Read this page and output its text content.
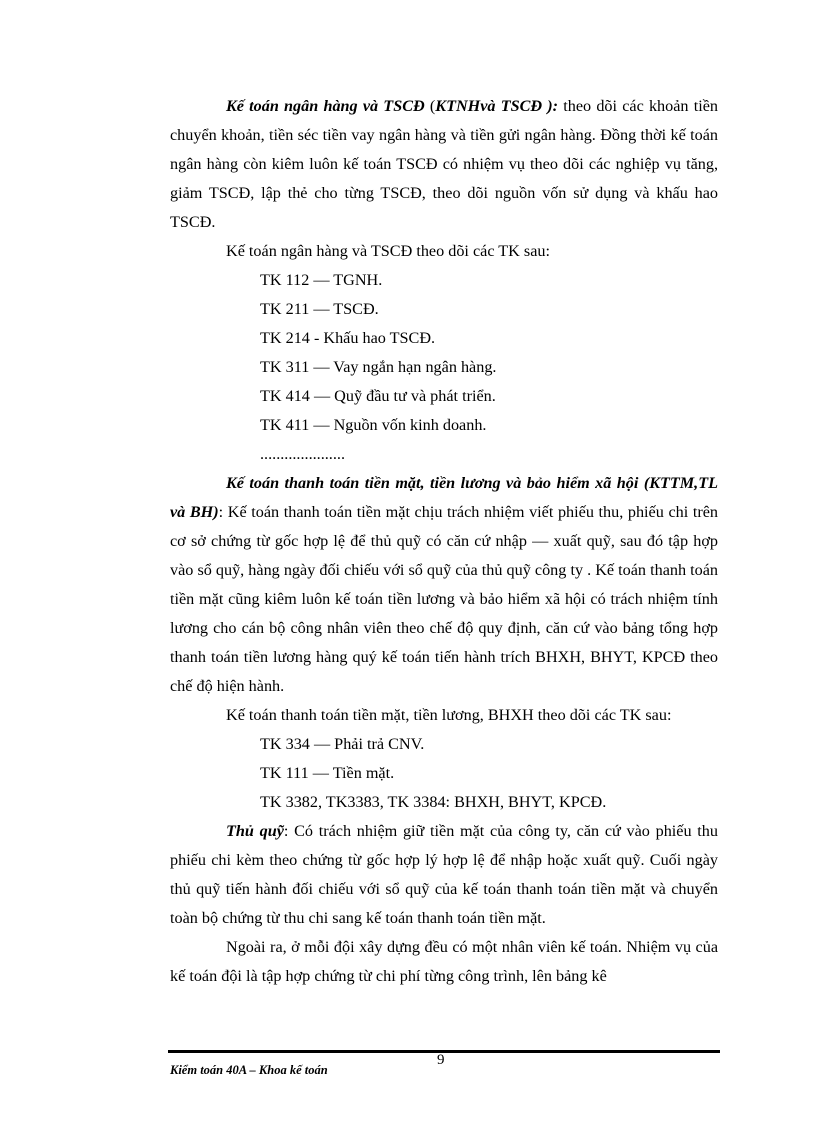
Kế toán ngân hàng và TSCĐ (KTNHvà TSCĐ ): theo dõi các khoản tiền chuyển khoản, tiền séc tiền vay ngân hàng và tiền gửi ngân hàng. Đồng thời kế toán ngân hàng còn kiêm luôn kế toán TSCĐ có nhiệm vụ theo dõi các nghiệp vụ tăng, giảm TSCĐ, lập thẻ cho từng TSCĐ, theo dõi nguồn vốn sử dụng và khấu hao TSCĐ.

Kế toán ngân hàng và TSCĐ theo dõi các TK sau:

TK 112 — TGNH.

TK 211 — TSCĐ.

TK 214 - Khấu hao TSCĐ.

TK 311 — Vay ngắn hạn ngân hàng.

TK 414 — Quỹ đầu tư và phát triển.

TK 411 — Nguồn vốn kinh doanh.

.....................

Kế toán thanh toán tiền mặt, tiền lương và bảo hiểm xã hội (KTTM,TL và BH): Kế toán thanh toán tiền mặt chịu trách nhiệm viết phiếu thu, phiếu chi trên cơ sở chứng từ gốc hợp lệ để thủ quỹ có căn cứ nhập — xuất quỹ, sau đó tập hợp vào sổ quỹ, hàng ngày đối chiếu với sổ quỹ của thủ quỹ công ty . Kế toán thanh toán tiền mặt cũng kiêm luôn kế toán tiền lương và bảo hiểm xã hội có trách nhiệm tính lương cho cán bộ công nhân viên theo chế độ quy định, căn cứ vào bảng tổng hợp thanh toán tiền lương hàng quý kế toán tiến hành trích BHXH, BHYT, KPCĐ theo chế độ hiện hành.

Kế toán thanh toán tiền mặt, tiền lương, BHXH theo dõi các TK sau:

TK 334 — Phải trả CNV.

TK 111 — Tiền mặt.

TK 3382, TK3383, TK 3384: BHXH, BHYT, KPCĐ.

Thủ quỹ: Có trách nhiệm giữ tiền mặt của công ty, căn cứ vào phiếu thu phiếu chi kèm theo chứng từ gốc hợp lý hợp lệ để nhập hoặc xuất quỹ. Cuối ngày thủ quỹ tiến hành đối chiếu với sổ quỹ của kế toán thanh toán tiền mặt và chuyển toàn bộ chứng từ thu chi sang kế toán thanh toán tiền mặt.

Ngoài ra, ở mỗi đội xây dựng đều có một nhân viên kế toán. Nhiệm vụ của kế toán đội là tập hợp chứng từ chi phí từng công trình, lên bảng kê

9
Kiểm toán 40A – Khoa kế toán
